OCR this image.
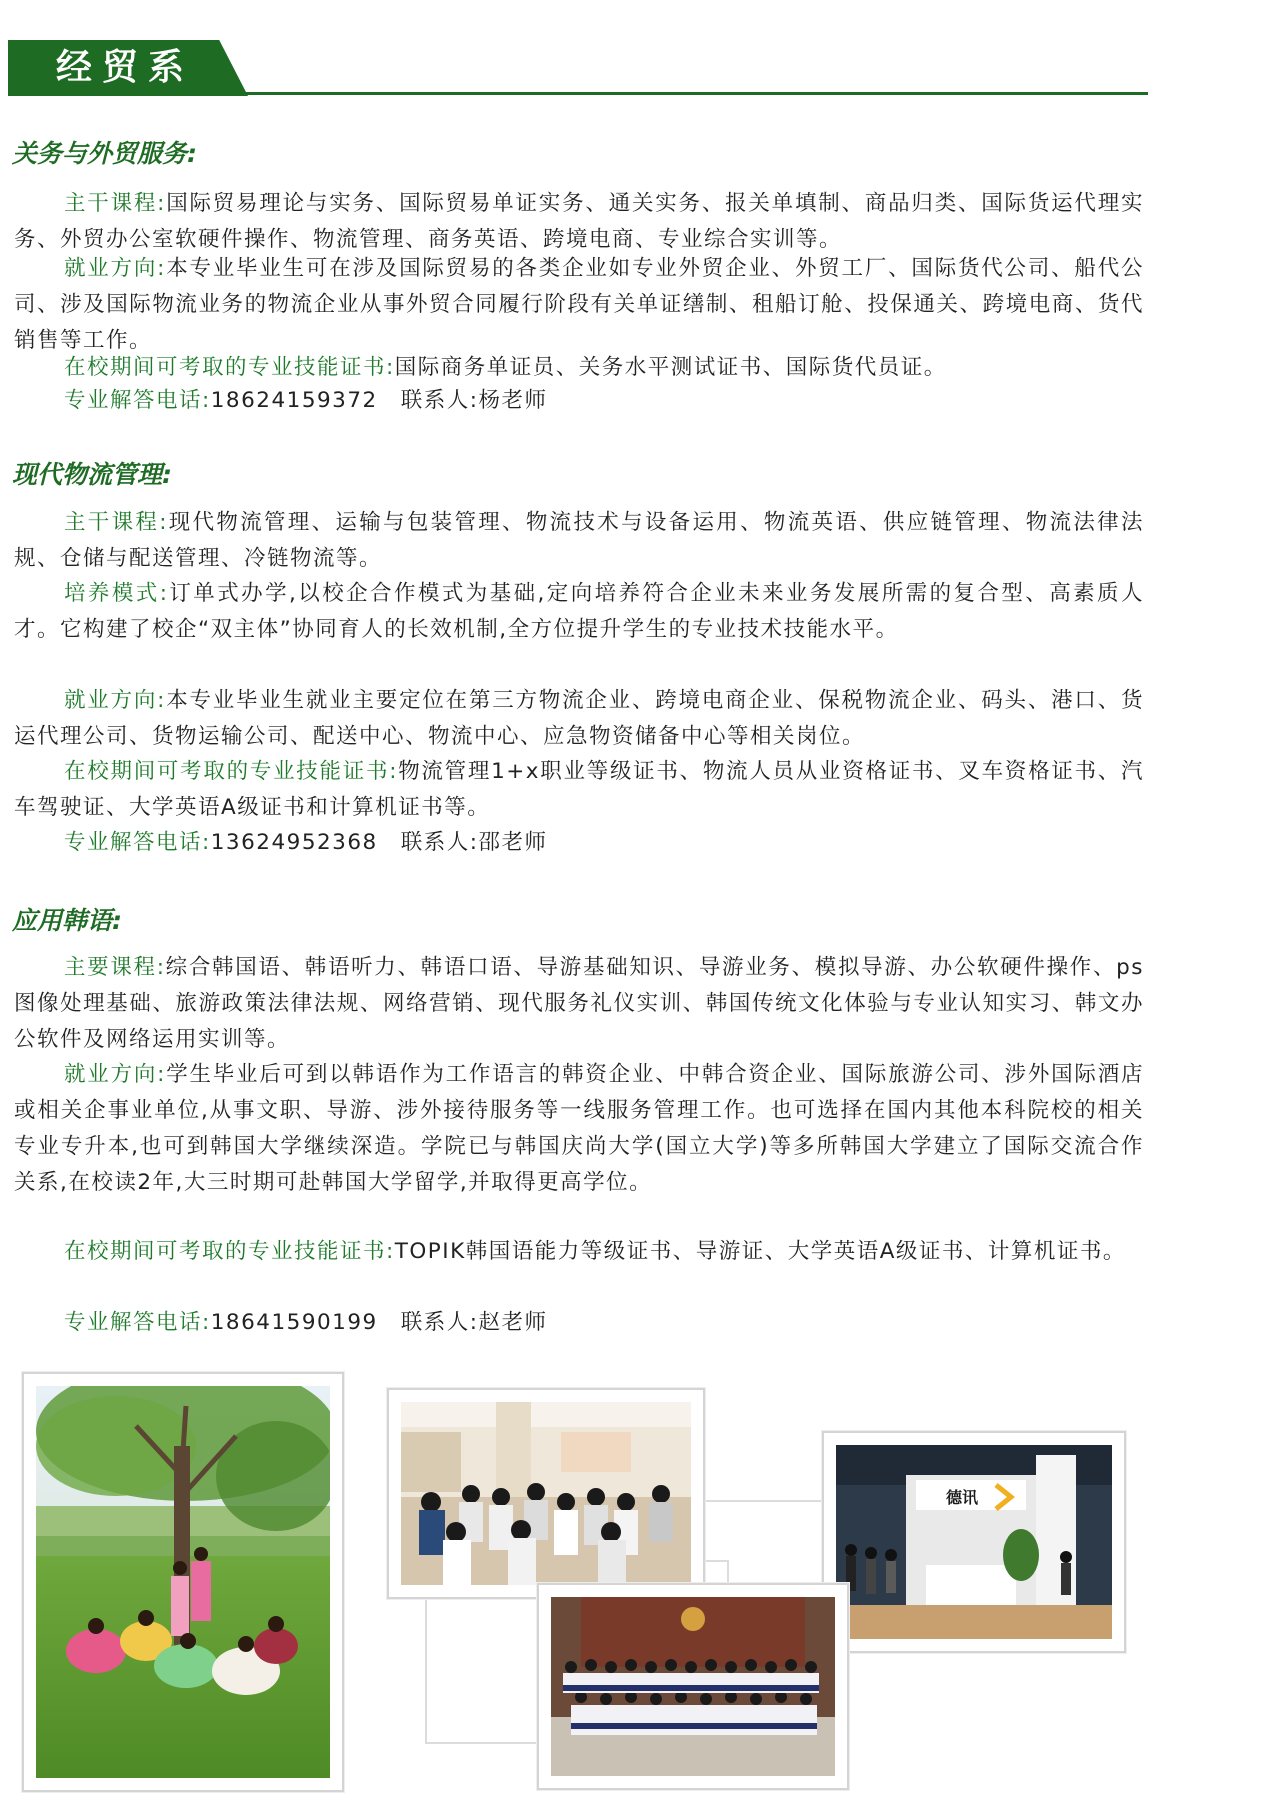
经贸系
关务与外贸服务:
主干课程:国际贸易理论与实务、国际贸易单证实务、通关实务、报关单填制、商品归类、国际货运代理实务、外贸办公室软硬件操作、物流管理、商务英语、跨境电商、专业综合实训等。
就业方向:本专业毕业生可在涉及国际贸易的各类企业如专业外贸企业、外贸工厂、国际货代公司、船代公司、涉及国际物流业务的物流企业从事外贸合同履行阶段有关单证缮制、租船订舱、投保通关、跨境电商、货代销售等工作。
在校期间可考取的专业技能证书:国际商务单证员、关务水平测试证书、国际货代员证。
专业解答电话:18624159372　联系人:杨老师
现代物流管理:
主干课程:现代物流管理、运输与包装管理、物流技术与设备运用、物流英语、供应链管理、物流法律法规、仓储与配送管理、冷链物流等。
培养模式:订单式办学,以校企合作模式为基础,定向培养符合企业未来业务发展所需的复合型、高素质人才。它构建了校企“双主体”协同育人的长效机制,全方位提升学生的专业技术技能水平。
就业方向:本专业毕业生就业主要定位在第三方物流企业、跨境电商企业、保税物流企业、码头、港口、货运代理公司、货物运输公司、配送中心、物流中心、应急物资储备中心等相关岗位。
在校期间可考取的专业技能证书:物流管理1+x职业等级证书、物流人员从业资格证书、叉车资格证书、汽车驾驶证、大学英语A级证书和计算机证书等。
专业解答电话:13624952368　联系人:邵老师
应用韩语:
主要课程:综合韩国语、韩语听力、韩语口语、导游基础知识、导游业务、模拟导游、办公软硬件操作、ps图像处理基础、旅游政策法律法规、网络营销、现代服务礼仪实训、韩国传统文化体验与专业认知实习、韩文办公软件及网络运用实训等。
就业方向:学生毕业后可到以韩语作为工作语言的韩资企业、中韩合资企业、国际旅游公司、涉外国际酒店或相关企事业单位,从事文职、导游、涉外接待服务等一线服务管理工作。也可选择在国内其他本科院校的相关专业专升本,也可到韩国大学继续深造。学院已与韩国庆尚大学(国立大学)等多所韩国大学建立了国际交流合作关系,在校读2年,大三时期可赴韩国大学留学,并取得更高学位。
在校期间可考取的专业技能证书:TOPIK韩国语能力等级证书、导游证、大学英语A级证书、计算机证书。
专业解答电话:18641590199　联系人:赵老师
德讯
